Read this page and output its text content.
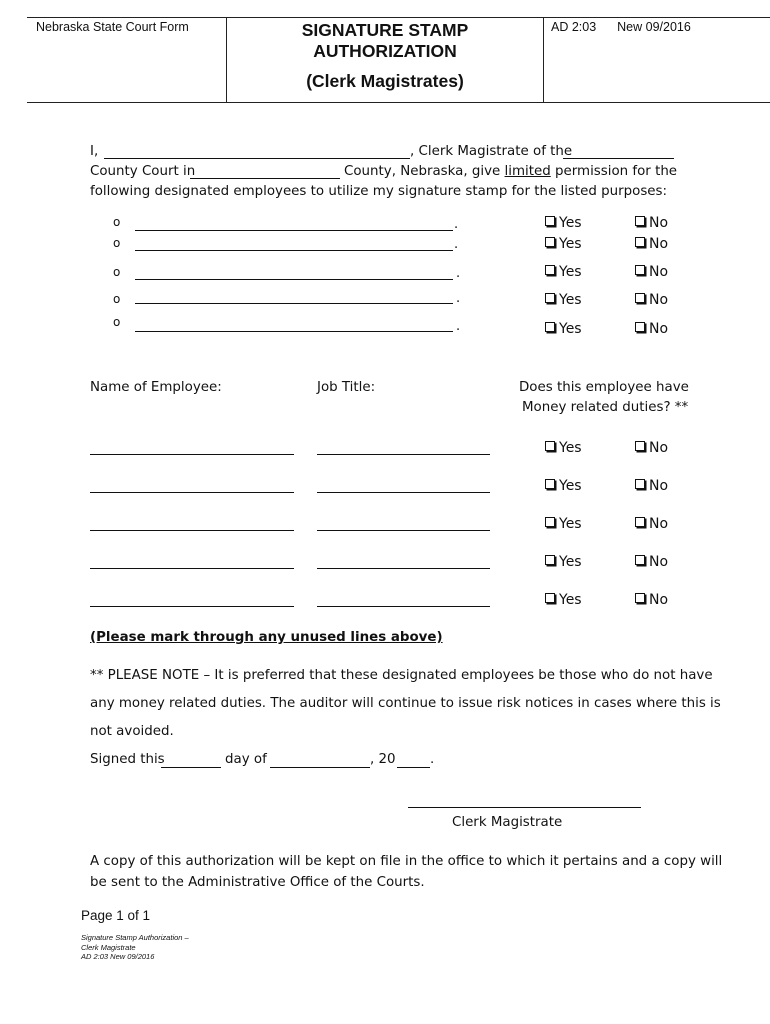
Nebraska State Court Form	SIGNATURE STAMP
AUTHORIZATION
(Clerk Magistrates)
AD 2:03 New 09/2016
I,	, Clerk Magistrate of the
County Court in	County, Nebraska, give limited permission for the
following designated employees to utilize my signature stamp for the listed purposes:
o	.	Yes	No
o	.	Yes	No
o	.	Yes	No
o	.	Yes	No
o	.	Yes	No
Name of Employee:	Job Title:	Does this employee have
Money related duties? **
Yes	No
Yes	No
Yes	No
Yes	No
Yes	No
(Please mark through any unused lines above)
** PLEASE NOTE – It is preferred that these designated employees be those who do not have
any money related duties. The auditor will continue to issue risk notices in cases where this is
not avoided.
Signed this	day of	, 20	.
Clerk Magistrate
A copy of this authorization will be kept on file in the office to which it pertains and a copy will
be sent to the Administrative Office of the Courts.
Page 1 of 1
Signature Stamp Authorization –
Clerk Magistrate
AD 2:03 New 09/2016
